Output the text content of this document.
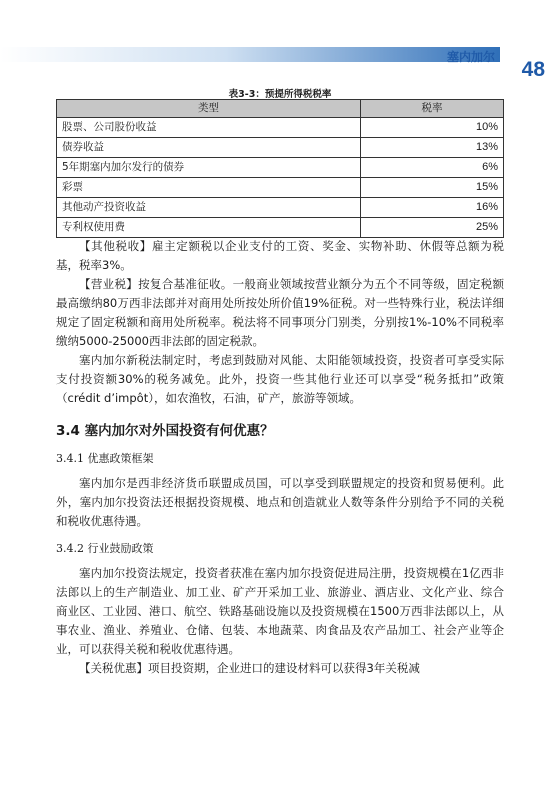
塞内加尔
48
表3-3：预提所得税税率
类型	税率
股票、公司股份收益	10%
债券收益	13%
5年期塞内加尔发行的债券	6%
彩票	15%
其他动产投资收益	16%
专利权使用费	25%

【其他税收】雇主定额税以企业支付的工资、奖金、实物补助、休假等总额为税基，税率3%。

【营业税】按复合基准征收。一般商业领域按营业额分为五个不同等级，固定税额最高缴纳80万西非法郎并对商用处所按处所价值19%征税。对一些特殊行业，税法详细规定了固定税额和商用处所税率。税法将不同事项分门别类，分别按1%-10%不同税率缴纳5000-25000西非法郎的固定税款。

塞内加尔新税法制定时，考虑到鼓励对风能、太阳能领域投资，投资者可享受实际支付投资额30%的税务减免。此外，投资一些其他行业还可以享受“税务抵扣”政策（crédit d’impôt），如农渔牧，石油，矿产，旅游等领域。

3.4 塞内加尔对外国投资有何优惠？
3.4.1 优惠政策框架

塞内加尔是西非经济货币联盟成员国，可以享受到联盟规定的投资和贸易便利。此外，塞内加尔投资法还根据投资规模、地点和创造就业人数等条件分别给予不同的关税和税收优惠待遇。

3.4.2 行业鼓励政策

塞内加尔投资法规定，投资者获准在塞内加尔投资促进局注册，投资规模在1亿西非法郎以上的生产制造业、加工业、矿产开采加工业、旅游业、酒店业、文化产业、综合商业区、工业园、港口、航空、铁路基础设施以及投资规模在1500万西非法郎以上，从事农业、渔业、养殖业、仓储、包装、本地蔬菜、肉食品及农产品加工、社会产业等企业，可以获得关税和税收优惠待遇。

【关税优惠】项目投资期，企业进口的建设材料可以获得3年关税减
